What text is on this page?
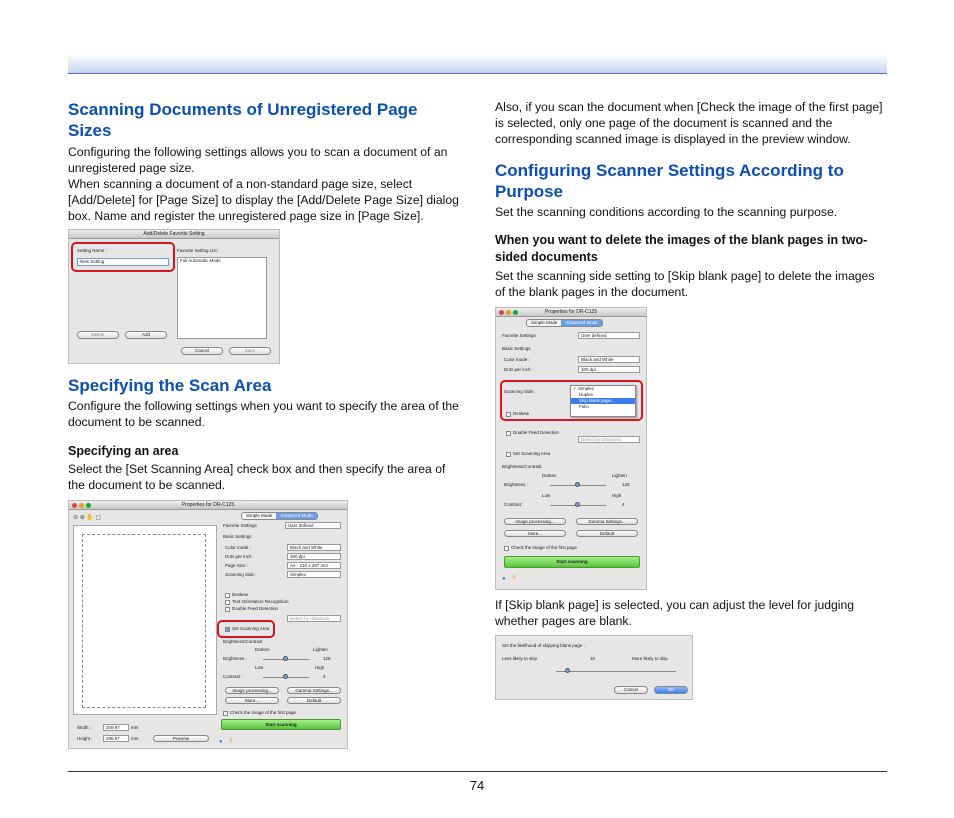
Scanning Documents of Unregistered Page Sizes
Configuring the following settings allows you to scan a document of an unregistered page size.
When scanning a document of a non-standard page size, select [Add/Delete] for [Page Size] to display the [Add/Delete Page Size] dialog box. Name and register the unregistered page size in [Page Size].
Add/Delete Favorite Setting
Setting Name :
New Setting
Favorite Setting List :
Full Automatic Mode
Delete	Add
Cancel	Save
Specifying the Scan Area
Configure the following settings when you want to specify the area of the document to be scanned.
Specifying an area
Select the [Set Scanning Area] check box and then specify the area of the document to be scanned.
Properties for DR-C125
⊖ ⊕ ✋ ▢
Width :	209.97	mm
Height :	296.97	mm	Preview
Simple Mode	Advanced Mode
Favorite Settings	User defined
Basic Settings
Color mode :	Black and White
Dots per inch :	300 dpi
Page Size :	A4 - 210 x 297 mm
Scanning Side :	Simplex
Deskew
Text Orientation Recognition
Double Feed Detection
Detect by Ultrasonic
Set Scanning Area
Brightness/Contrast
Darken	Lighten
Brightness :	128
Low	High
Contrast :	4
Image processing...	Gamma Settings...
More...	Default
Check the image of the first page
Start scanning
● ?
Also, if you scan the document when [Check the image of the first page] is selected, only one page of the document is scanned and the corresponding scanned image is displayed in the preview window.
Configuring Scanner Settings According to Purpose
Set the scanning conditions according to the scanning purpose.
When you want to delete the images of the blank pages in two-sided documents
Set the scanning side setting to [Skip blank page] to delete the images of the blank pages in the document.
Properties for DR-C125
Simple Mode	Advanced Mode
Favorite Settings	User defined
Basic Settings
Color mode :	Black and White
Dots per inch :	300 dpi
Scanning Side :
✓ Simplex
Duplex
Skip blank page...
Folio
Deskew
Double Feed Detection
Detect by Ultrasonic
Set Scanning Area
Brightness/Contrast
Darken	Lighten
Brightness :	128
Low	High
Contrast :	4
Image processing...	Gamma Settings...
More...	Default
Check the image of the first page
Start scanning
● ?
If [Skip blank page] is selected, you can adjust the level for judging whether pages are blank.
Set the likelihood of skipping blank page :
Less likely to skip	10	More likely to skip
Cancel	OK
74
